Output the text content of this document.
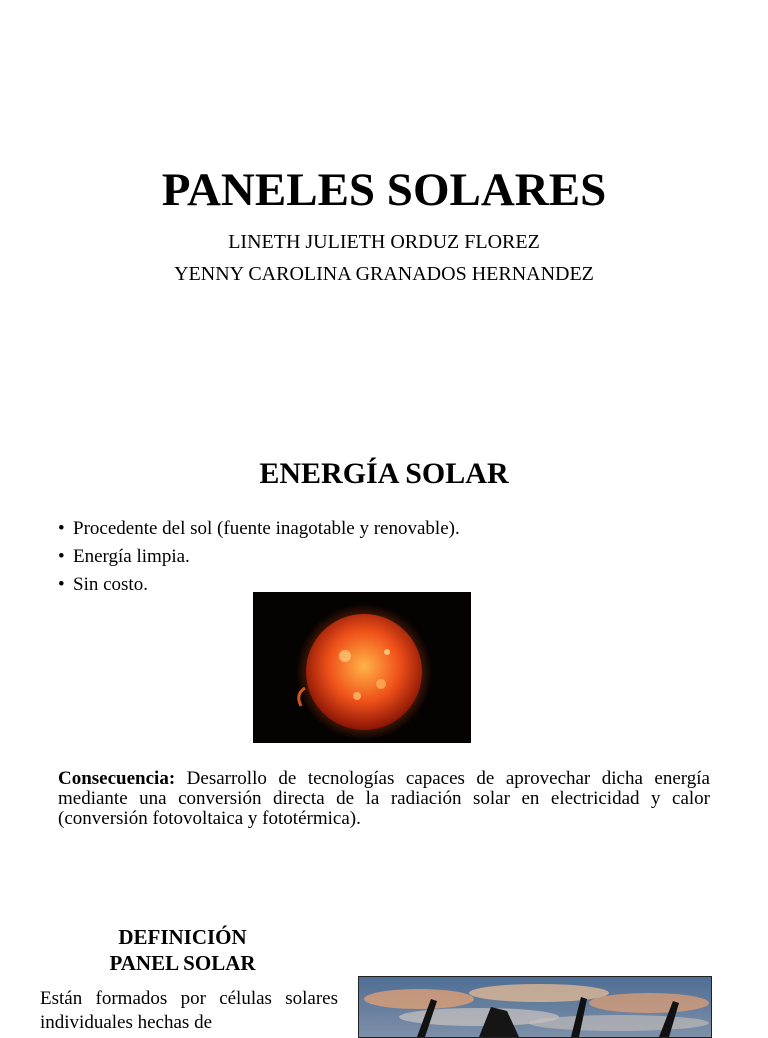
PANELES SOLARES
LINETH JULIETH ORDUZ FLOREZ
YENNY CAROLINA GRANADOS HERNANDEZ
ENERGÍA SOLAR
• Procedente del sol (fuente inagotable y renovable).
• Energía limpia.
• Sin costo.

Consecuencia: Desarrollo de tecnologías capaces de aprovechar dicha energía mediante una conversión directa de la radiación solar en electricidad y calor (conversión fotovoltaica y fototérmica).

DEFINICIÓN
PANEL SOLAR

Están formados por células solares individuales hechas de
